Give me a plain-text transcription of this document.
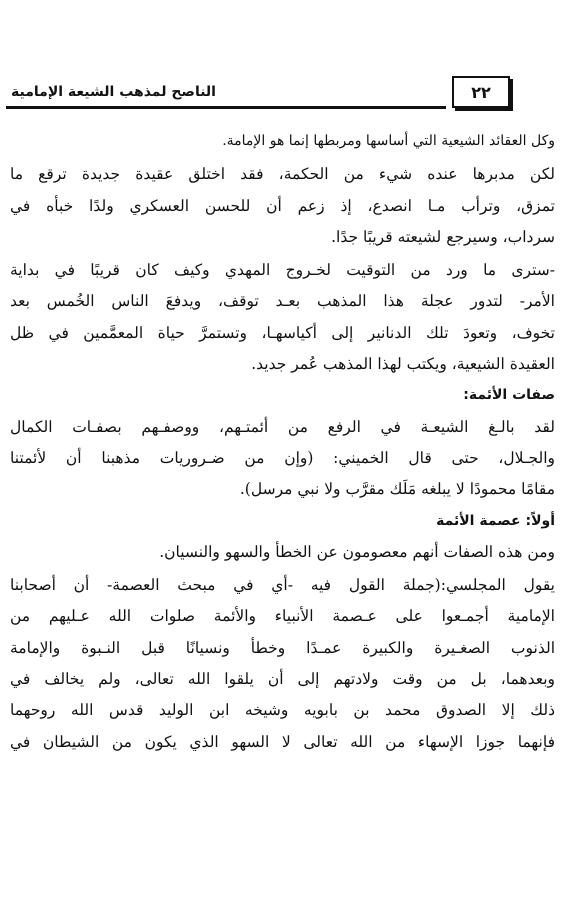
الناصح لمذهب الشيعة الإمامية	٢٢
وكل العقائد الشيعية التي أساسها ومربطها إنما هو الإمامة.
لكن مدبرها عنده شيء من الحكمة، فقد اختلق عقيدة جديدة ترقع ما
تمزق، وترأب مـا انصدع، إذ زعم أن للحسن العسكري ولدًا خبأه في
سرداب، وسيرجع لشيعته قريبًا جدًا.
-سترى ما ورد من التوقيت لخـروج المهدي وكيف كان قريبًا في بداية
الأمر- لتدور عجلة هذا المذهب بعـد توقف، ويدفعَ الناس الخُمس بعد
تخوف، وتعودَ تلك الدنانير إلى أكياسهـا، وتستمرَّ حياة المعمَّمين في ظل
العقيدة الشيعية، ويكتب لهذا المذهب عُمر جديد.
صفات الأئمة:
لقد بالـغ الشيعـة في الرفع من أئمتـهم، ووصفـهم بصفـات الكمال
والجـلال، حتى قال الخميني: (وإن من ضـروريات مذهبنا أن لأئمتنا
مقامًا محمودًا لا يبلغه مَلَك مقرَّب ولا نبي مرسل).
أولاً: عصمة الأئمة
ومن هذه الصفات أنهم معصومون عن الخطأ والسهو والنسيان.
يقول المجلسي:(جملة القول فيه -أي في مبحث العصمة- أن أصحابنا
الإمامية أجمـعوا على عـصمة الأنبياء والأئمة صلوات الله عـليهم من
الذنوب الصغـيرة والكبيرة عمـدًا وخطأ ونسيانًا قبل النـبوة والإمامة
وبعدهما، بل من وقت ولادتهم إلى أن يلقوا الله تعالى، ولم يخالف في
ذلك إلا الصدوق محمد بن بابويه وشيخه ابن الوليد قدس الله روحهما
فإنهما جوزا الإسهاء من الله تعالى لا السهو الذي يكون من الشيطان في
